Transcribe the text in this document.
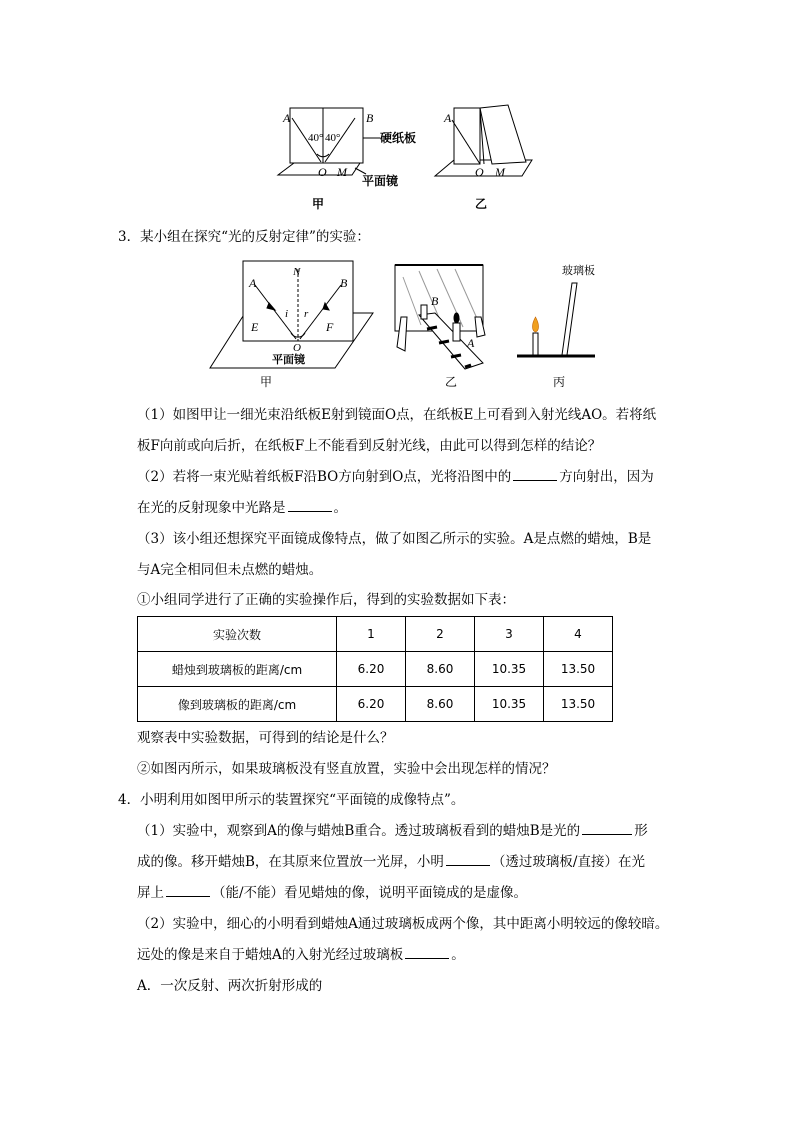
A	B
40° 40°
O M
硬纸板
平面镜
甲
A
O M
乙
3．某小组在探究“光的反射定律”的实验：
N
A	B
i r
E	F
O
平面镜
甲
B
A
乙
玻璃板
丙
（1）如图甲让一细光束沿纸板E射到镜面O点，在纸板E上可看到入射光线AO。若将纸
板F向前或向后折，在纸板F上不能看到反射光线，由此可以得到怎样的结论？
（2）若将一束光贴着纸板F沿BO方向射到O点，光将沿图中的	方向射出，因为
在光的反射现象中光路是	。
（3）该小组还想探究平面镜成像特点，做了如图乙所示的实验。A是点燃的蜡烛，B是
与A完全相同但未点燃的蜡烛。
①小组同学进行了正确的实验操作后，得到的实验数据如下表：
实验次数	1	2	3	4
蜡烛到玻璃板的距离/cm	6.20	8.60	10.35	13.50
像到玻璃板的距离/cm	6.20	8.60	10.35	13.50
观察表中实验数据，可得到的结论是什么？
②如图丙所示，如果玻璃板没有竖直放置，实验中会出现怎样的情况？
4．小明利用如图甲所示的装置探究“平面镜的成像特点”。
（1）实验中，观察到A的像与蜡烛B重合。透过玻璃板看到的蜡烛B是光的	形
成的像。移开蜡烛B，在其原来位置放一光屏，小明	（透过玻璃板/直接）在光
屏上	（能/不能）看见蜡烛的像，说明平面镜成的是虚像。
（2）实验中，细心的小明看到蜡烛A通过玻璃板成两个像，其中距离小明较远的像较暗。
远处的像是来自于蜡烛A的入射光经过玻璃板	。
A．一次反射、两次折射形成的
